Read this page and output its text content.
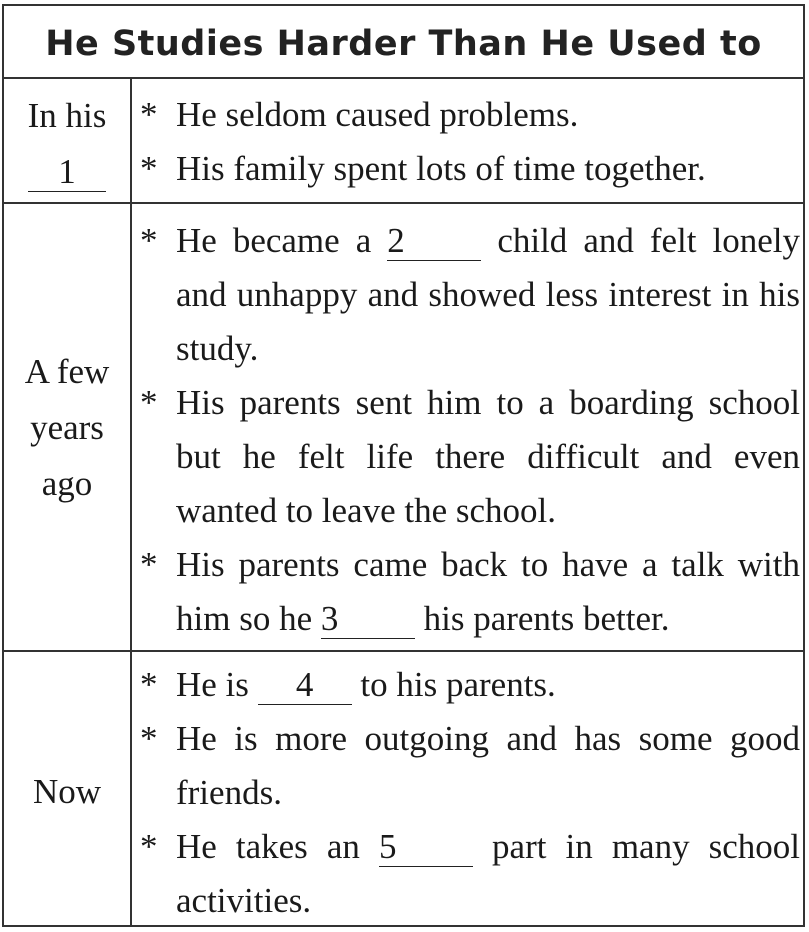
He Studies Harder Than He Used to
In his
1
* He seldom caused problems.
* His family spent lots of time together.
A few
years
ago
* He became a 2	child and felt lonely and unhappy and showed less interest in his study.
* His parents sent him to a boarding school but he felt life there difficult and even wanted to leave the school.
* His parents came back to have a talk with him so he 3 his parents better.
Now
* He is 4 to his parents.
* He is more outgoing and has some good friends.
* He takes an 5	part in many school activities.
